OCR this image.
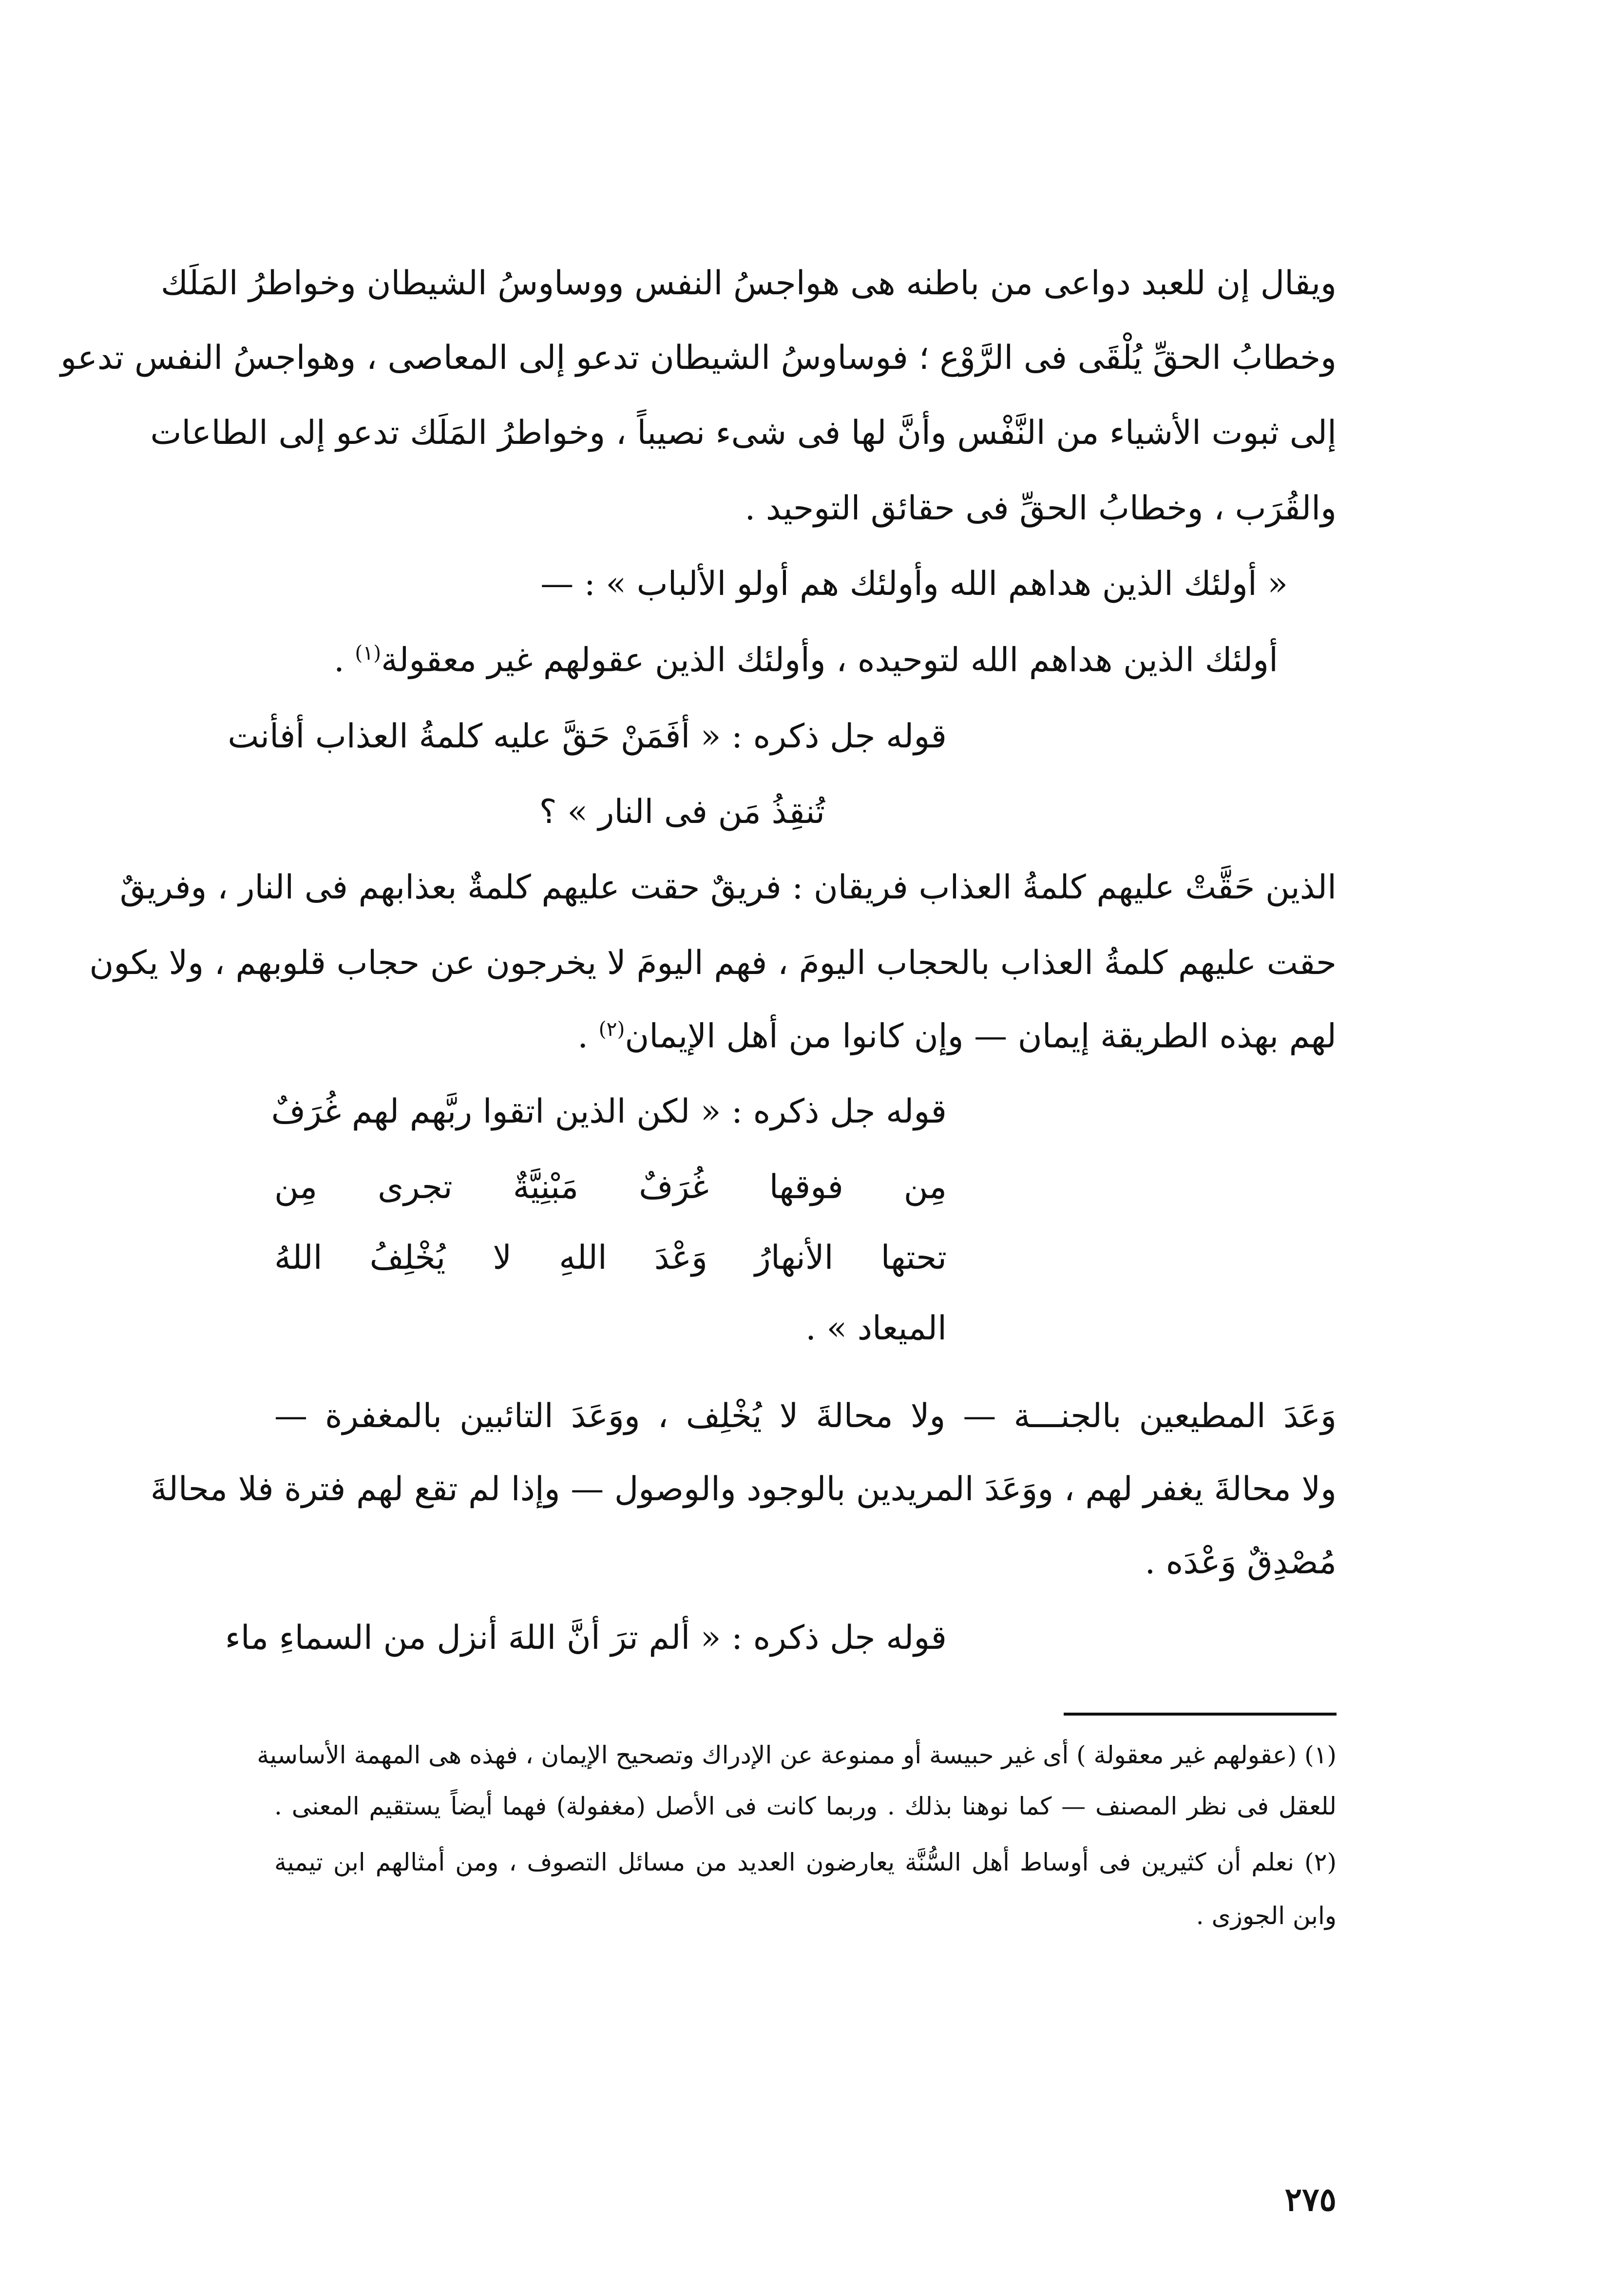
ويقال إن للعبد دواعى من باطنه هى هواجسُ النفس ووساوسُ الشيطان وخواطرُ المَلَك
وخطابُ الحقِّ يُلْقَى فى الرَّوْع ؛ فوساوسُ الشيطان تدعو إلى المعاصى ، وهواجسُ النفس تدعو
إلى ثبوت الأشياء من النَّفْس وأنَّ لها فى شىء نصيباً ، وخواطرُ المَلَك تدعو إلى الطاعات
والقُرَب ، وخطابُ الحقِّ فى حقائق التوحيد .
« أولئك الذين هداهم الله وأولئك هم أولو الألباب » : —
أولئك الذين هداهم الله لتوحيده ، وأولئك الذين عقولهم غير معقولة$^{(١)}$ .
قوله جل ذكره : « أفَمَنْ حَقَّ عليه كلمةُ العذاب أفأنت
تُنقِذُ مَن فى النار » ؟
الذين حَقَّتْ عليهم كلمةُ العذاب فريقان : فريقٌ حقت عليهم كلمةٌ بعذابهم فى النار ، وفريقٌ
حقت عليهم كلمةُ العذاب بالحجاب اليومَ ، فهم اليومَ لا يخرجون عن حجاب قلوبهم ، ولا يكون
لهم بهذه الطريقة إيمان — وإن كانوا من أهل الإيمان$^{(٢)}$ .
قوله جل ذكره : « لكن الذين اتقوا ربَّهم لهم غُرَفٌ
مِن فوقها غُرَفٌ مَبْنِيَّةٌ تجرى مِن
تحتها الأنهارُ وَعْدَ اللهِ لا يُخْلِفُ اللهُ
الميعاد » .
وَعَدَ المطيعين بالجنـــة — ولا محالةَ لا يُخْلِف ، ووَعَدَ التائبين بالمغفرة —
ولا محالةَ يغفر لهم ، ووَعَدَ المريدين بالوجود والوصول — وإذا لم تقع لهم فترة فلا محالةَ
مُصْدِقٌ وَعْدَه .
قوله جل ذكره : « ألم ترَ أنَّ اللهَ أنزل من السماءِ ماء
(١) (عقولهم غير معقولة ) أى غير حبيسة أو ممنوعة عن الإدراك وتصحيح الإيمان ، فهذه هى المهمة الأساسية
للعقل فى نظر المصنف — كما نوهنا بذلك . وربما كانت فى الأصل (مغفولة) فهما أيضاً يستقيم المعنى .
(٢) نعلم أن كثيرين فى أوساط أهل السُّنَّة يعارضون العديد من مسائل التصوف ، ومن أمثالهم ابن تيمية
وابن الجوزى .
٢٧٥
